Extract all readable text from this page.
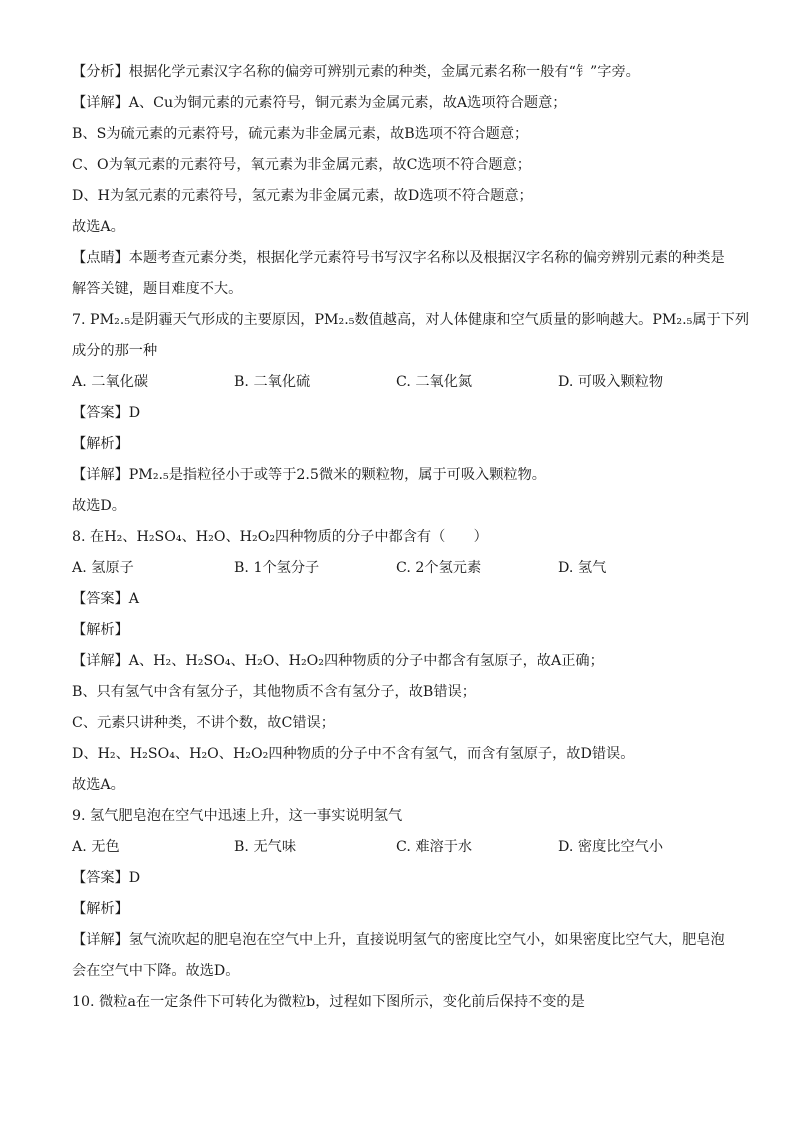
【分析】根据化学元素汉字名称的偏旁可辨别元素的种类，金属元素名称一般有“钅”字旁。
【详解】A、Cu为铜元素的元素符号，铜元素为金属元素，故A选项符合题意；
B、S为硫元素的元素符号，硫元素为非金属元素，故B选项不符合题意；
C、O为氧元素的元素符号，氧元素为非金属元素，故C选项不符合题意；
D、H为氢元素的元素符号，氢元素为非金属元素，故D选项不符合题意；
故选A。
【点睛】本题考查元素分类，根据化学元素符号书写汉字名称以及根据汉字名称的偏旁辨别元素的种类是
解答关键，题目难度不大。
7. PM₂.₅是阴霾天气形成的主要原因，PM₂.₅数值越高，对人体健康和空气质量的影响越大。PM₂.₅属于下列
成分的那一种
A. 二氧化碳	B. 二氧化硫	C. 二氧化氮	D. 可吸入颗粒物
【答案】D
【解析】
【详解】PM₂.₅是指粒径小于或等于2.5微米的颗粒物，属于可吸入颗粒物。
故选D。
8. 在H₂、H₂SO₄、H₂O、H₂O₂四种物质的分子中都含有（　　）
A. 氢原子	B. 1个氢分子	C. 2个氢元素	D. 氢气
【答案】A
【解析】
【详解】A、H₂、H₂SO₄、H₂O、H₂O₂四种物质的分子中都含有氢原子，故A正确；
B、只有氢气中含有氢分子，其他物质不含有氢分子，故B错误；
C、元素只讲种类，不讲个数，故C错误；
D、H₂、H₂SO₄、H₂O、H₂O₂四种物质的分子中不含有氢气，而含有氢原子，故D错误。
故选A。
9. 氢气肥皂泡在空气中迅速上升，这一事实说明氢气
A. 无色	B. 无气味	C. 难溶于水	D. 密度比空气小
【答案】D
【解析】
【详解】氢气流吹起的肥皂泡在空气中上升，直接说明氢气的密度比空气小，如果密度比空气大，肥皂泡
会在空气中下降。故选D。
10. 微粒a在一定条件下可转化为微粒b，过程如下图所示，变化前后保持不变的是
